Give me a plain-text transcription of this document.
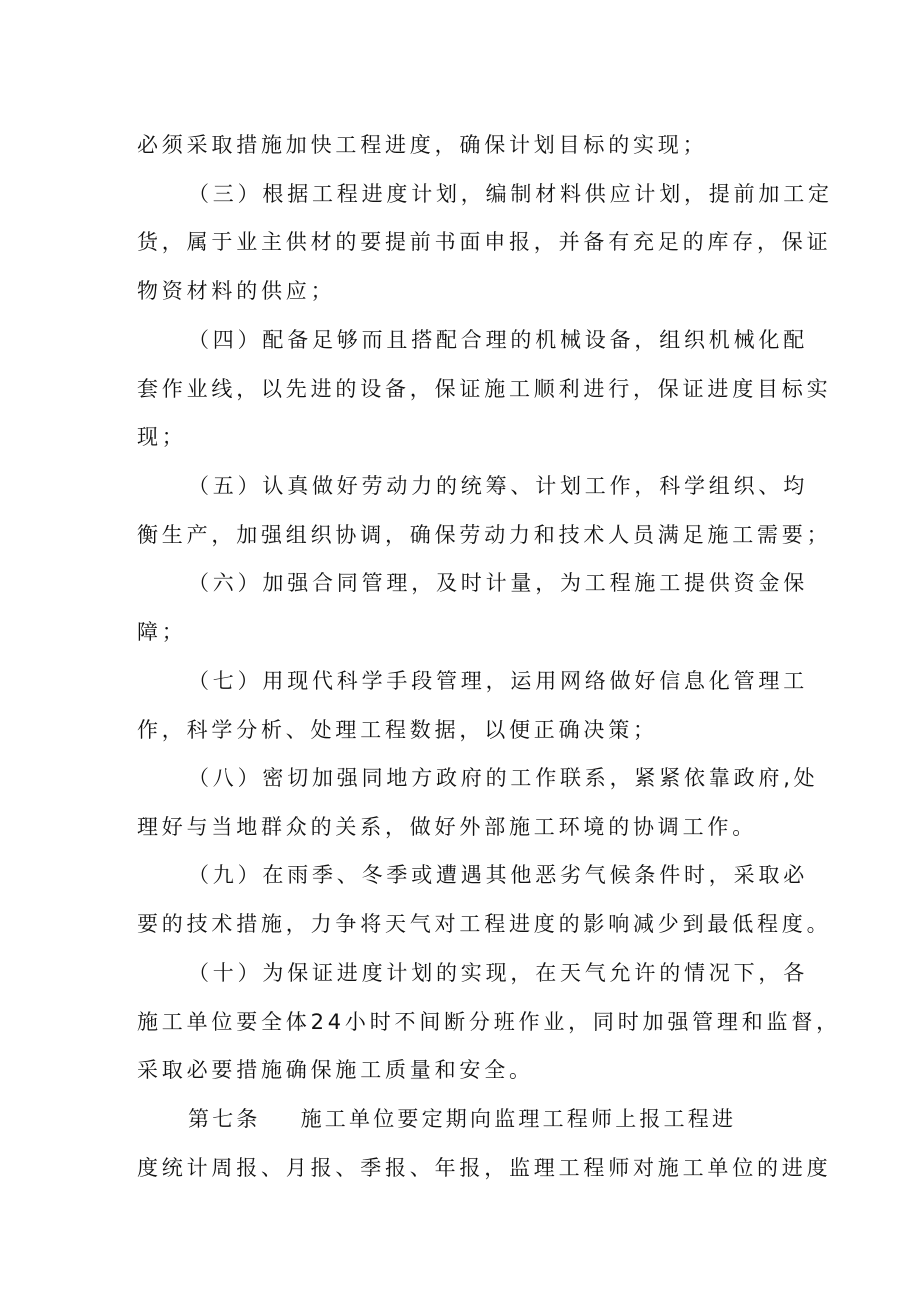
必须采取措施加快工程进度，确保计划目标的实现；
（三）根据工程进度计划，编制材料供应计划，提前加工定
货，属于业主供材的要提前书面申报，并备有充足的库存，保证
物资材料的供应；
（四）配备足够而且搭配合理的机械设备，组织机械化配
套作业线，以先进的设备，保证施工顺利进行，保证进度目标实
现；
（五）认真做好劳动力的统筹、计划工作，科学组织、均
衡生产，加强组织协调，确保劳动力和技术人员满足施工需要；
（六）加强合同管理，及时计量，为工程施工提供资金保
障；
（七）用现代科学手段管理，运用网络做好信息化管理工
作，科学分析、处理工程数据，以便正确决策；
（八）密切加强同地方政府的工作联系，紧紧依靠政府,处
理好与当地群众的关系，做好外部施工环境的协调工作。
（九）在雨季、冬季或遭遇其他恶劣气候条件时，采取必
要的技术措施，力争将天气对工程进度的影响减少到最低程度。
（十）为保证进度计划的实现，在天气允许的情况下，各
施工单位要全体24小时不间断分班作业，同时加强管理和监督，
采取必要措施确保施工质量和安全。
第七条 施工单位要定期向监理工程师上报工程进
度统计周报、月报、季报、年报，监理工程师对施工单位的进度
